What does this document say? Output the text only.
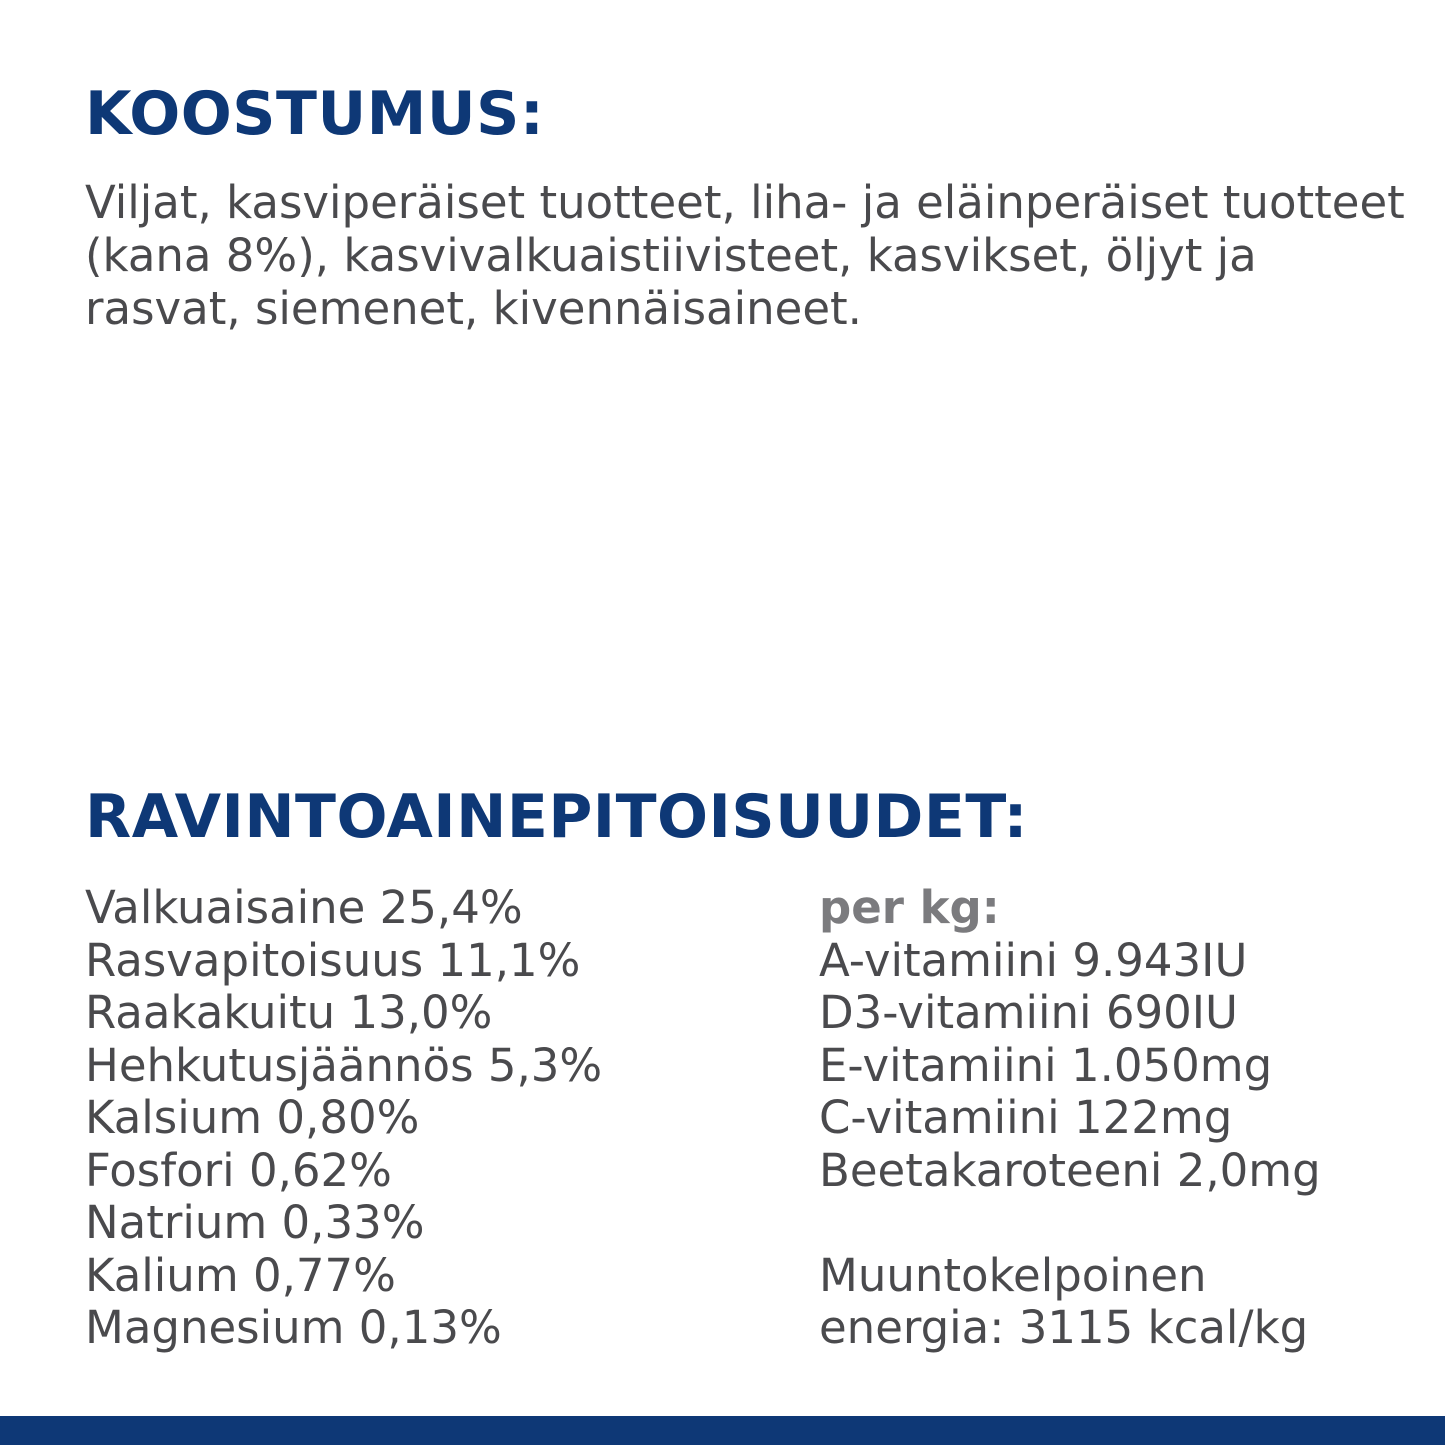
KOOSTUMUS:

Viljat, kasviperäiset tuotteet, liha- ja eläinperäiset tuotteet (kana 8%), kasvivalkuaistiivisteet, kasvikset, öljyt ja rasvat, siemenet, kivennäisaineet.

RAVINTOAINEPITOISUUDET:
Valkuaisaine 25,4%
Rasvapitoisuus 11,1%
Raakakuitu 13,0%
Hehkutusjäännös 5,3%
Kalsium 0,80%
Fosfori 0,62%
Natrium 0,33%
Kalium 0,77%
Magnesium 0,13%
per kg:
A-vitamiini 9.943IU
D3-vitamiini 690IU
E-vitamiini 1.050mg
C-vitamiini 122mg
Beetakaroteeni 2,0mg
Muuntokelpoinen
energia: 3115 kcal/kg
